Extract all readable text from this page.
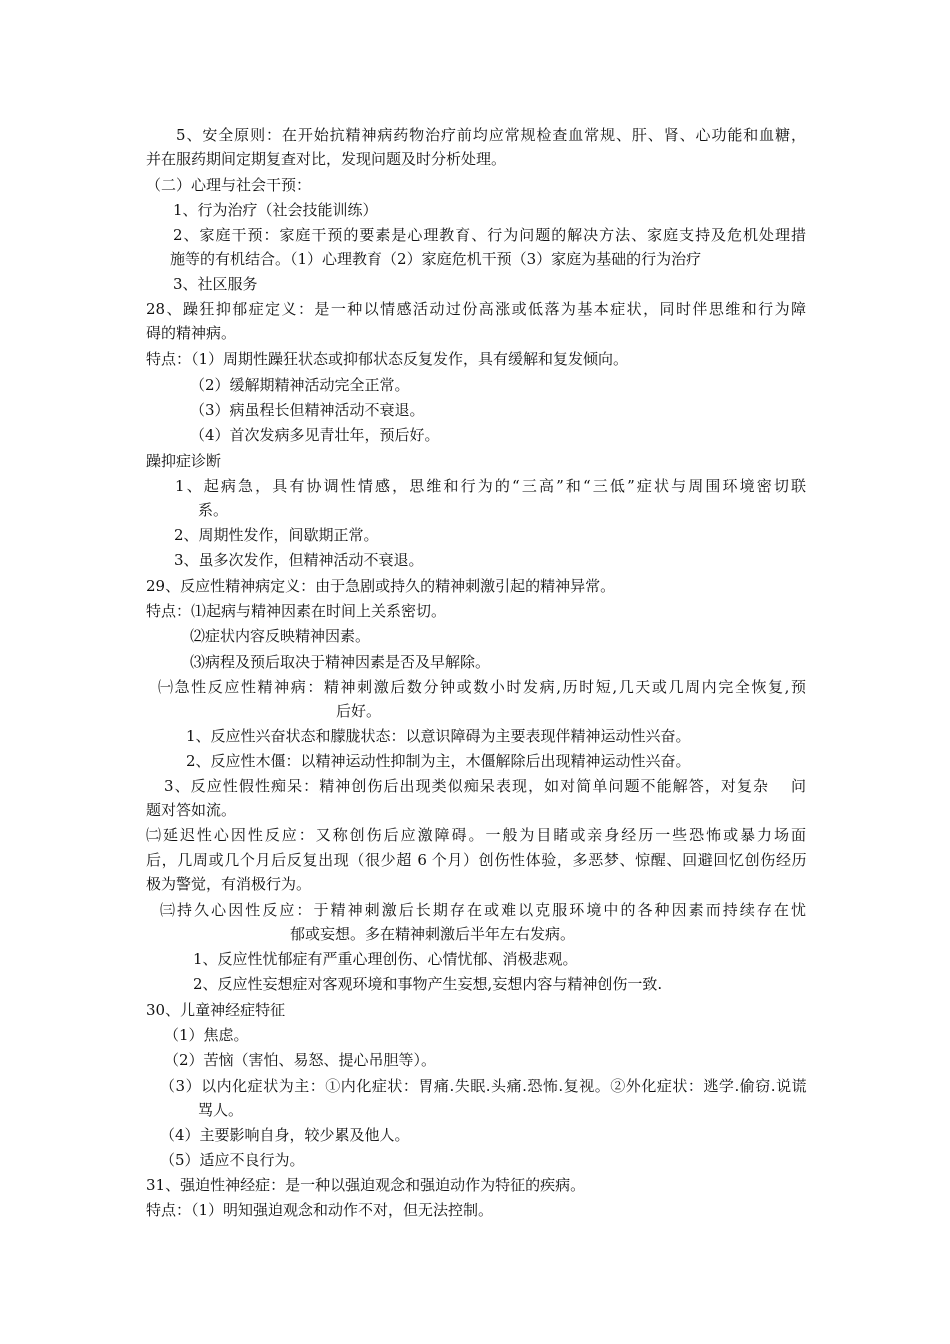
5、安全原则：在开始抗精神病药物治疗前均应常规检查血常规、肝、肾、心功能和血糖，
并在服药期间定期复查对比，发现问题及时分析处理。
（二）心理与社会干预：
1、行为治疗（社会技能训练）
2、家庭干预：家庭干预的要素是心理教育、行为问题的解决方法、家庭支持及危机处理措
施等的有机结合。（1）心理教育（2）家庭危机干预（3）家庭为基础的行为治疗
3、社区服务
28、躁狂抑郁症定义：是一种以情感活动过份高涨或低落为基本症状，同时伴思维和行为障
碍的精神病。
特点：（1）周期性躁狂状态或抑郁状态反复发作，具有缓解和复发倾向。
（2）缓解期精神活动完全正常。
（3）病虽程长但精神活动不衰退。
（4）首次发病多见青壮年，预后好。
躁抑症诊断
1、起病急，具有协调性情感，思维和行为的“三高”和“三低”症状与周围环境密切联
系。
2、周期性发作，间歇期正常。
3、虽多次发作，但精神活动不衰退。
29、反应性精神病定义：由于急剧或持久的精神刺激引起的精神异常。
特点：⑴起病与精神因素在时间上关系密切。
⑵症状内容反映精神因素。
⑶病程及预后取决于精神因素是否及早解除。
㈠急性反应性精神病：精神刺激后数分钟或数小时发病,历时短,几天或几周内完全恢复,预
后好。
1、反应性兴奋状态和朦胧状态：以意识障碍为主要表现伴精神运动性兴奋。
2、反应性木僵：以精神运动性抑制为主，木僵解除后出现精神运动性兴奋。
3、反应性假性痴呆：精神创伤后出现类似痴呆表现，如对简单问题不能解答，对复杂　 问
题对答如流。
㈡延迟性心因性反应：又称创伤后应激障碍。一般为目睹或亲身经历一些恐怖或暴力场面
后，几周或几个月后反复出现（很少超 6 个月）创伤性体验，多恶梦、惊醒、回避回忆创伤经历
极为警觉，有消极行为。
㈢持久心因性反应：于精神刺激后长期存在或难以克服环境中的各种因素而持续存在忧
郁或妄想。多在精神刺激后半年左右发病。
1、反应性忧郁症有严重心理创伤、心情忧郁、消极悲观。
2、反应性妄想症对客观环境和事物产生妄想,妄想内容与精神创伤一致.
30、儿童神经症特征
（1）焦虑。
（2）苦恼（害怕、易怒、提心吊胆等）。
（3）以内化症状为主：①内化症状：胃痛.失眠.头痛.恐怖.复视。②外化症状：逃学.偷窃.说谎
骂人。
（4）主要影响自身，较少累及他人。
（5）适应不良行为。
31、强迫性神经症：是一种以强迫观念和强迫动作为特征的疾病。
特点：（1）明知强迫观念和动作不对，但无法控制。
